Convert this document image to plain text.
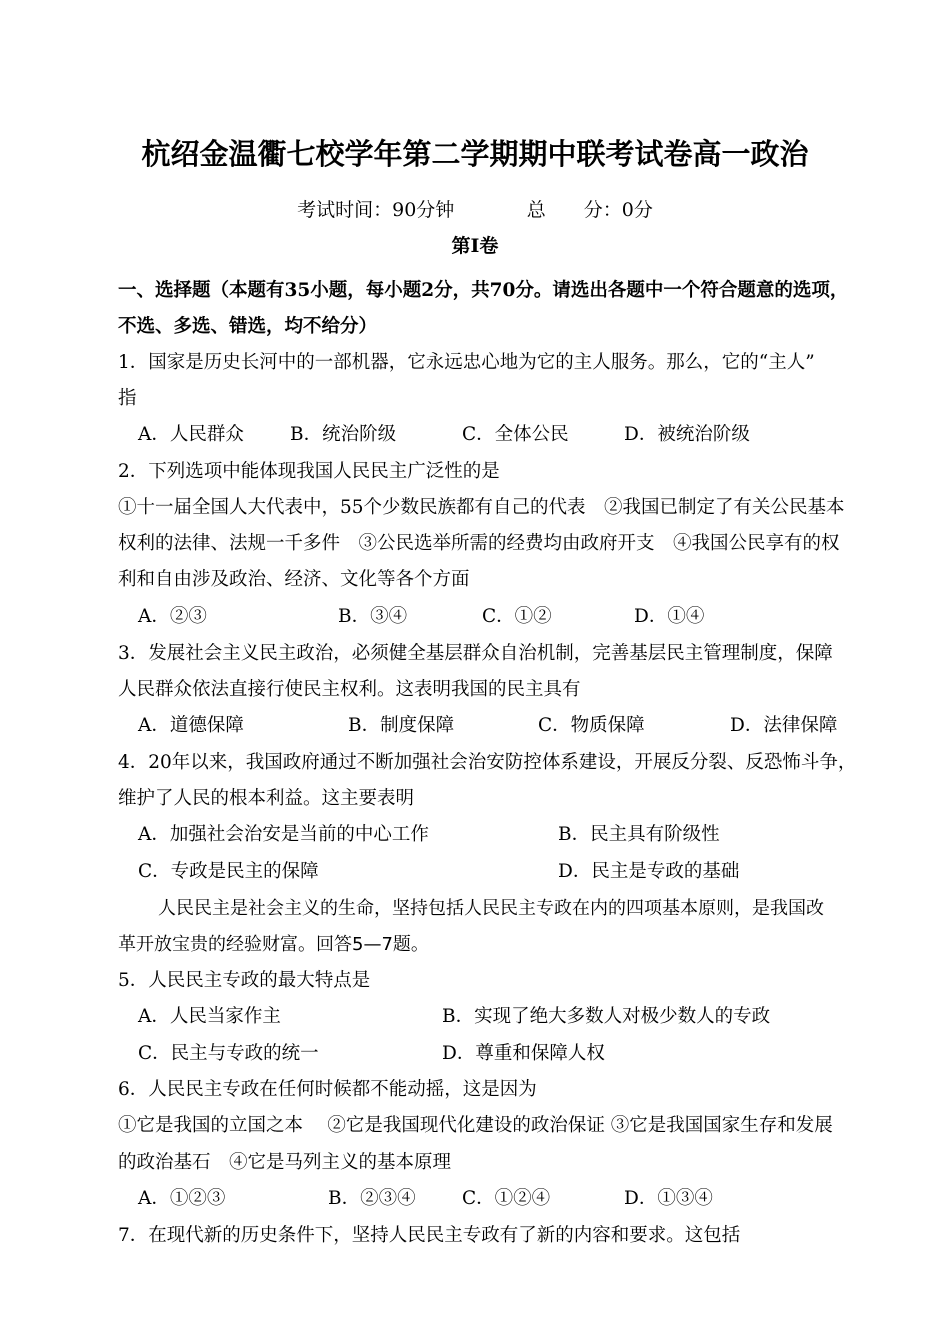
杭绍金温衢七校学年第二学期期中联考试卷高一政治
考试时间：90分钟	总　　分：0分
第Ⅰ卷
一、选择题（本题有35小题，每小题2分，共70分。请选出各题中一个符合题意的选项，
不选、多选、错选，均不给分）
1．国家是历史长河中的一部机器，它永远忠心地为它的主人服务。那么，它的“主人”
指
A．人民群众 B．统治阶级	C．全体公民	D．被统治阶级
2．下列选项中能体现我国人民民主广泛性的是
①十一届全国人大代表中，55个少数民族都有自己的代表　②我国已制定了有关公民基本
权利的法律、法规一千多件　③公民选举所需的经费均由政府开支　④我国公民享有的权
利和自由涉及政治、经济、文化等各个方面
A．②③	B．③④	C．①②	D．①④
3．发展社会主义民主政治，必须健全基层群众自治机制，完善基层民主管理制度，保障
人民群众依法直接行使民主权利。这表明我国的民主具有
A．道德保障	B．制度保障	C．物质保障	D．法律保障
4．20年以来，我国政府通过不断加强社会治安防控体系建设，开展反分裂、反恐怖斗争，
维护了人民的根本利益。这主要表明
A．加强社会治安是当前的中心工作	B．民主具有阶级性
C．专政是民主的保障	D．民主是专政的基础
人民民主是社会主义的生命，坚持包括人民民主专政在内的四项基本原则，是我国改
革开放宝贵的经验财富。回答5—7题。
5．人民民主专政的最大特点是
A．人民当家作主	B．实现了绝大多数人对极少数人的专政
C．民主与专政的统一	D．尊重和保障人权
6．人民民主专政在任何时候都不能动摇，这是因为
①它是我国的立国之本　 ②它是我国现代化建设的政治保证 ③它是我国国家生存和发展
的政治基石　④它是马列主义的基本原理
A．①②③	B．②③④	C．①②④	D．①③④
7．在现代新的历史条件下，坚持人民民主专政有了新的内容和要求。这包括
